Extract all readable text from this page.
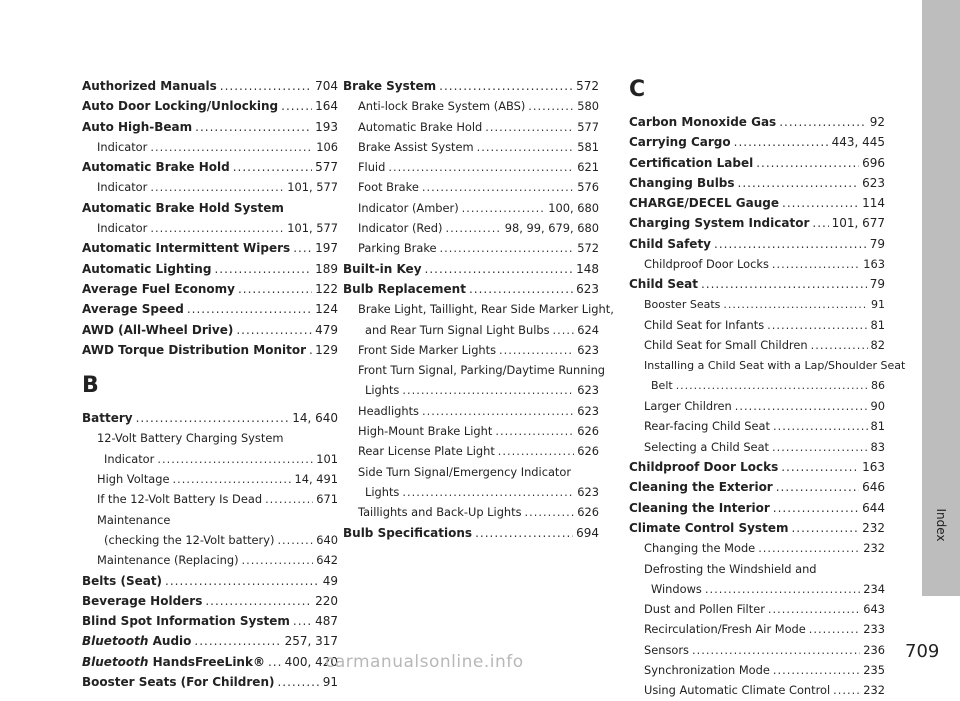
Authorized Manuals .....	704
Auto Door Locking/Unlocking .....	164
Auto High-Beam .....	193
Indicator .....	106
Automatic Brake Hold .....	577
Indicator .....	101, 577
Automatic Brake Hold System
Indicator .....	101, 577
Automatic Intermittent Wipers ..... 197
Automatic Lighting .....	189
Average Fuel Economy .....	122
Average Speed .....	124
AWD (All-Wheel Drive) .....	479
AWD Torque Distribution Monitor ..... 129
B
Battery .....	14, 640
12-Volt Battery Charging System
Indicator .....	101
High Voltage .....	14, 491
If the 12-Volt Battery Is Dead .....	671
Maintenance
(checking the 12-Volt battery) .....	640
Maintenance (Replacing) .....	642
Belts (Seat) .....	49
Beverage Holders .....	220
Blind Spot Information System ..... 487
Bluetooth Audio .....	257, 317
Bluetooth HandsFreeLink® ..... 400, 420
Booster Seats (For Children) .....	91
Brake System .....	572
Anti-lock Brake System (ABS) .....	580
Automatic Brake Hold .....	577
Brake Assist System .....	581
Fluid .....	621
Foot Brake .....	576
Indicator (Amber) .....	100, 680
Indicator (Red) .....	98, 99, 679, 680
Parking Brake .....	572
Built-in Key .....	148
Bulb Replacement .....	623
Brake Light, Taillight, Rear Side Marker Light,
and Rear Turn Signal Light Bulbs ..... 624
Front Side Marker Lights .....	623
Front Turn Signal, Parking/Daytime Running
Lights .....	623
Headlights .....	623
High-Mount Brake Light .....	626
Rear License Plate Light .....	626
Side Turn Signal/Emergency Indicator
Lights .....	623
Taillights and Back-Up Lights .....	626
Bulb Specifications .....	694
C
Carbon Monoxide Gas .....	92
Carrying Cargo .....	443, 445
Certification Label .....	696
Changing Bulbs .....	623
CHARGE/DECEL Gauge .....	114
Charging System Indicator ..... 101, 677
Child Safety .....	79
Childproof Door Locks .....	163
Child Seat .....	79
Booster Seats .....	91
Child Seat for Infants .....	81
Child Seat for Small Children .....	82
Installing a Child Seat with a Lap/Shoulder Seat
Belt .....	86
Larger Children .....	90
Rear-facing Child Seat .....	81
Selecting a Child Seat .....	83
Childproof Door Locks .....	163
Cleaning the Exterior .....	646
Cleaning the Interior .....	644
Climate Control System .....	232
Changing the Mode .....	232
Defrosting the Windshield and
Windows .....	234
Dust and Pollen Filter .....	643
Recirculation/Fresh Air Mode .....	233
Sensors .....	236
Synchronization Mode .....	235
Using Automatic Climate Control .....	232
Index
709
carmanualsonline.info
